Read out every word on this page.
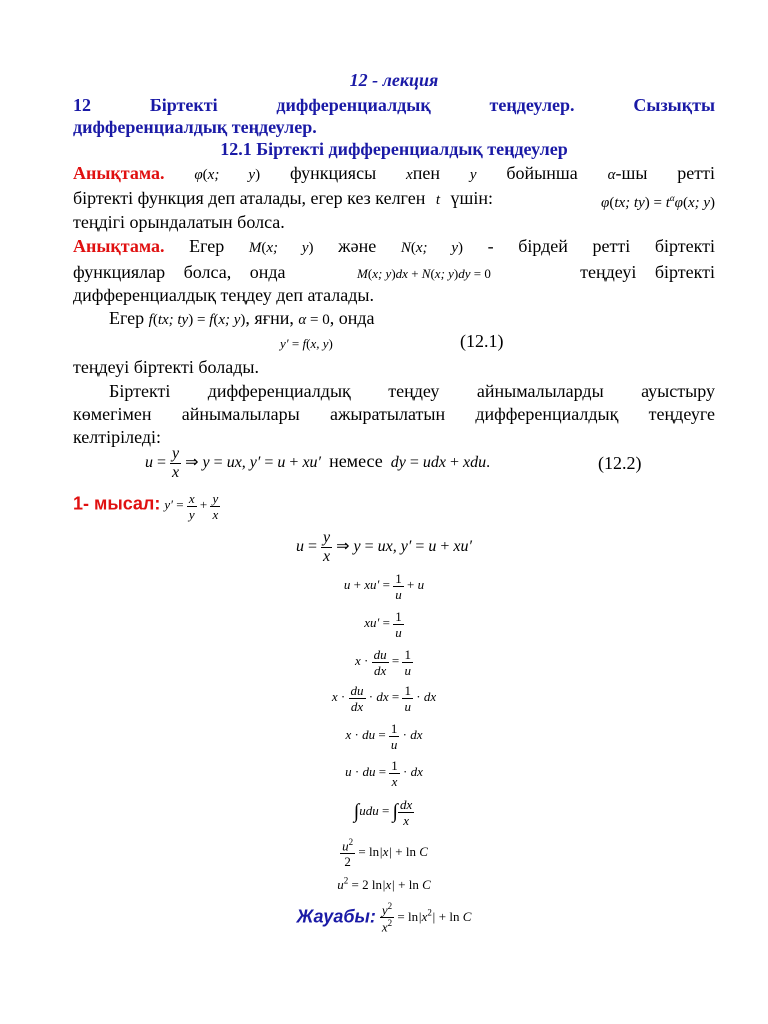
12 - лекция
12	Біртекті	дифференциалдық	теңдеулер.	Сызықты
дифференциалдық теңдеулер.
12.1 Біртекті дифференциалдық теңдеулер
Анықтама. φ(x; y) функциясы xпен y бойынша α-шы ретті
біртекті функция деп аталады, егер кез келген t үшін:	φ(tx; $ty) = t^\alpha\varphi(x$; y)
теңдігі орындалатын болса.
Анықтама. Егер M(x; y) және N(x; y) - бірдей ретті біртекті
функциялар болса, онда	M(x; y)dx + N(x; y)dy = 0	теңдеуі біртекті
дифференциалдық теңдеу деп аталады.
Егер f(tx; ty) = f(x; y), яғни, α = 0, онда
y′ = f(x, y)	(12.1)
теңдеуі біртекті болады.
Біртекті дифференциалдық теңдеу айнымалыларды ауыстыру
көмегімен айнымалылары ажыратылатын дифференциалдық теңдеуге
келтіріледі:
$u = \frac{y}{x}$ ⇒ y = ux, y′ = u + xu′ немесе dy = udx + xdu.	(12.2)
1- мысал: $y' = \frac{x}{y} + \frac{y}{x}$
$u = \frac{y}{x}$ ⇒ y = ux, y′ = u + xu′
$u + xu' = \frac{1}{u} + u$
$xu' = \frac{1}{u}$
$x \cdot \frac{du}{dx} = \frac{1}{u}$
$x \cdot \frac{du}{dx}$ · dx = $\frac{1}{u}$ · dx
x · du = $\frac{1}{u}$ · dx
u · du = $\frac{1}{x}$ · dx
∫udu = ∫ $\frac{dx}{x}$
$\frac{u^2}{2} = \ln|x| + \ln C$
$u^2 = 2$ ln|x| + ln C
Жауабы: $\frac{y^2}{x^2} = \ln|x^2| + \ln C$
